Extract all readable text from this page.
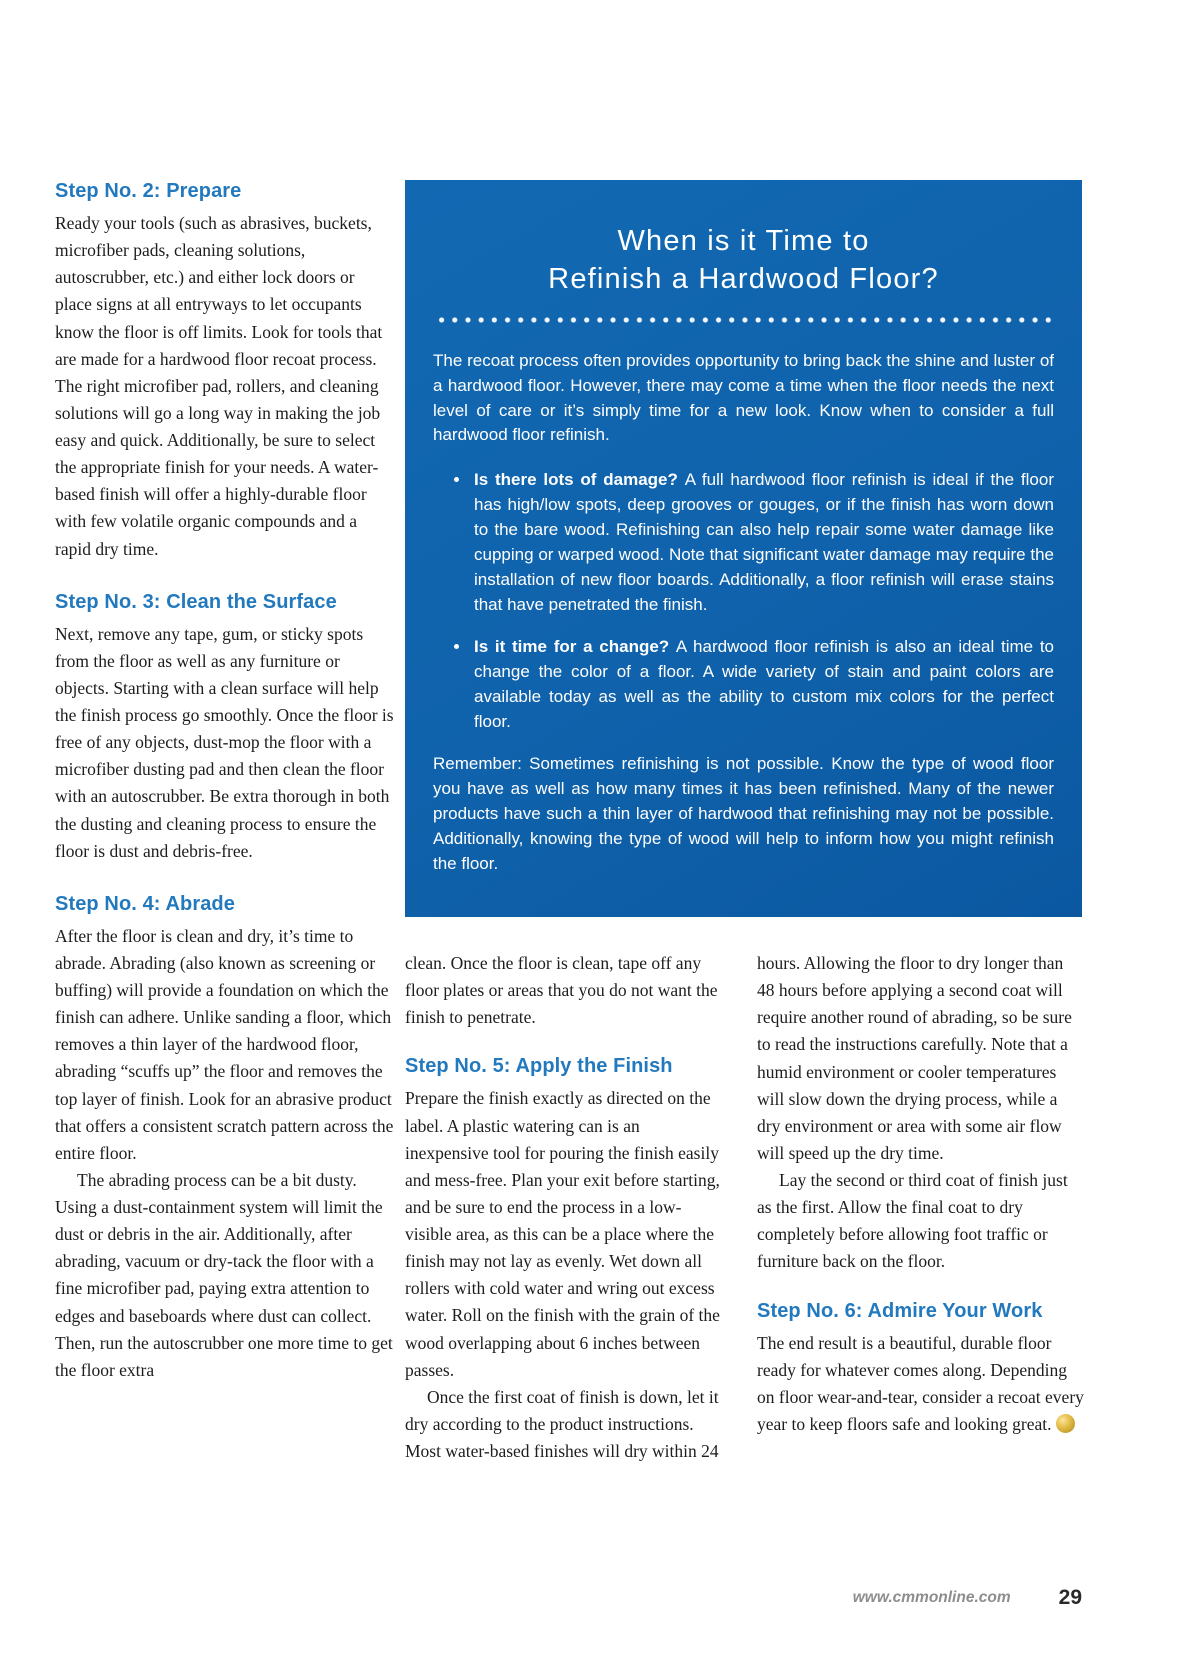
Step No. 2: Prepare

Ready your tools (such as abrasives, buckets, microfiber pads, cleaning solutions, autoscrubber, etc.) and either lock doors or place signs at all entryways to let occupants know the floor is off limits. Look for tools that are made for a hardwood floor recoat process. The right microfiber pad, rollers, and cleaning solutions will go a long way in making the job easy and quick. Additionally, be sure to select the appropriate finish for your needs. A water-based finish will offer a highly-durable floor with few volatile organic compounds and a rapid dry time.

Step No. 3: Clean the Surface

Next, remove any tape, gum, or sticky spots from the floor as well as any furniture or objects. Starting with a clean surface will help the finish process go smoothly. Once the floor is free of any objects, dust-mop the floor with a microfiber dusting pad and then clean the floor with an autoscrubber. Be extra thorough in both the dusting and cleaning process to ensure the floor is dust and debris-free.

Step No. 4: Abrade

After the floor is clean and dry, it’s time to abrade. Abrading (also known as screening or buffing) will provide a foundation on which the finish can adhere. Unlike sanding a floor, which removes a thin layer of the hardwood floor, abrading “scuffs up” the floor and removes the top layer of finish. Look for an abrasive product that offers a consistent scratch pattern across the entire floor.

The abrading process can be a bit dusty. Using a dust-containment system will limit the dust or debris in the air. Additionally, after abrading, vacuum or dry-tack the floor with a fine microfiber pad, paying extra attention to edges and baseboards where dust can collect. Then, run the autoscrubber one more time to get the floor extra

When is it Time to
Refinish a Hardwood Floor?

The recoat process often provides opportunity to bring back the shine and luster of a hardwood floor. However, there may come a time when the floor needs the next level of care or it’s simply time for a new look. Know when to consider a full hardwood floor refinish.

• Is there lots of damage? A full hardwood floor refinish is ideal if the floor has high/low spots, deep grooves or gouges, or if the finish has worn down to the bare wood. Refinishing can also help repair some water damage like cupping or warped wood. Note that significant water damage may require the installation of new floor boards. Additionally, a floor refinish will erase stains that have penetrated the finish.
• Is it time for a change? A hardwood floor refinish is also an ideal time to change the color of a floor. A wide variety of stain and paint colors are available today as well as the ability to custom mix colors for the perfect floor.

Remember: Sometimes refinishing is not possible. Know the type of wood floor you have as well as how many times it has been refinished. Many of the newer products have such a thin layer of hardwood that refinishing may not be possible. Additionally, knowing the type of wood will help to inform how you might refinish the floor.

clean. Once the floor is clean, tape off any floor plates or areas that you do not want the finish to penetrate.

Step No. 5: Apply the Finish

Prepare the finish exactly as directed on the label. A plastic watering can is an inexpensive tool for pouring the finish easily and mess-free. Plan your exit before starting, and be sure to end the process in a low-visible area, as this can be a place where the finish may not lay as evenly. Wet down all rollers with cold water and wring out excess water. Roll on the finish with the grain of the wood overlapping about 6 inches between passes.

Once the first coat of finish is down, let it dry according to the product instructions. Most water-based finishes will dry within 24

hours. Allowing the floor to dry longer than 48 hours before applying a second coat will require another round of abrading, so be sure to read the instructions carefully. Note that a humid environment or cooler temperatures will slow down the drying process, while a dry environment or area with some air flow will speed up the dry time.

Lay the second or third coat of finish just as the first. Allow the final coat to dry completely before allowing foot traffic or furniture back on the floor.

Step No. 6: Admire Your Work

The end result is a beautiful, durable floor ready for whatever comes along. Depending on floor wear-and-tear, consider a recoat every year to keep floors safe and looking great.

www.cmmonline.com 29
